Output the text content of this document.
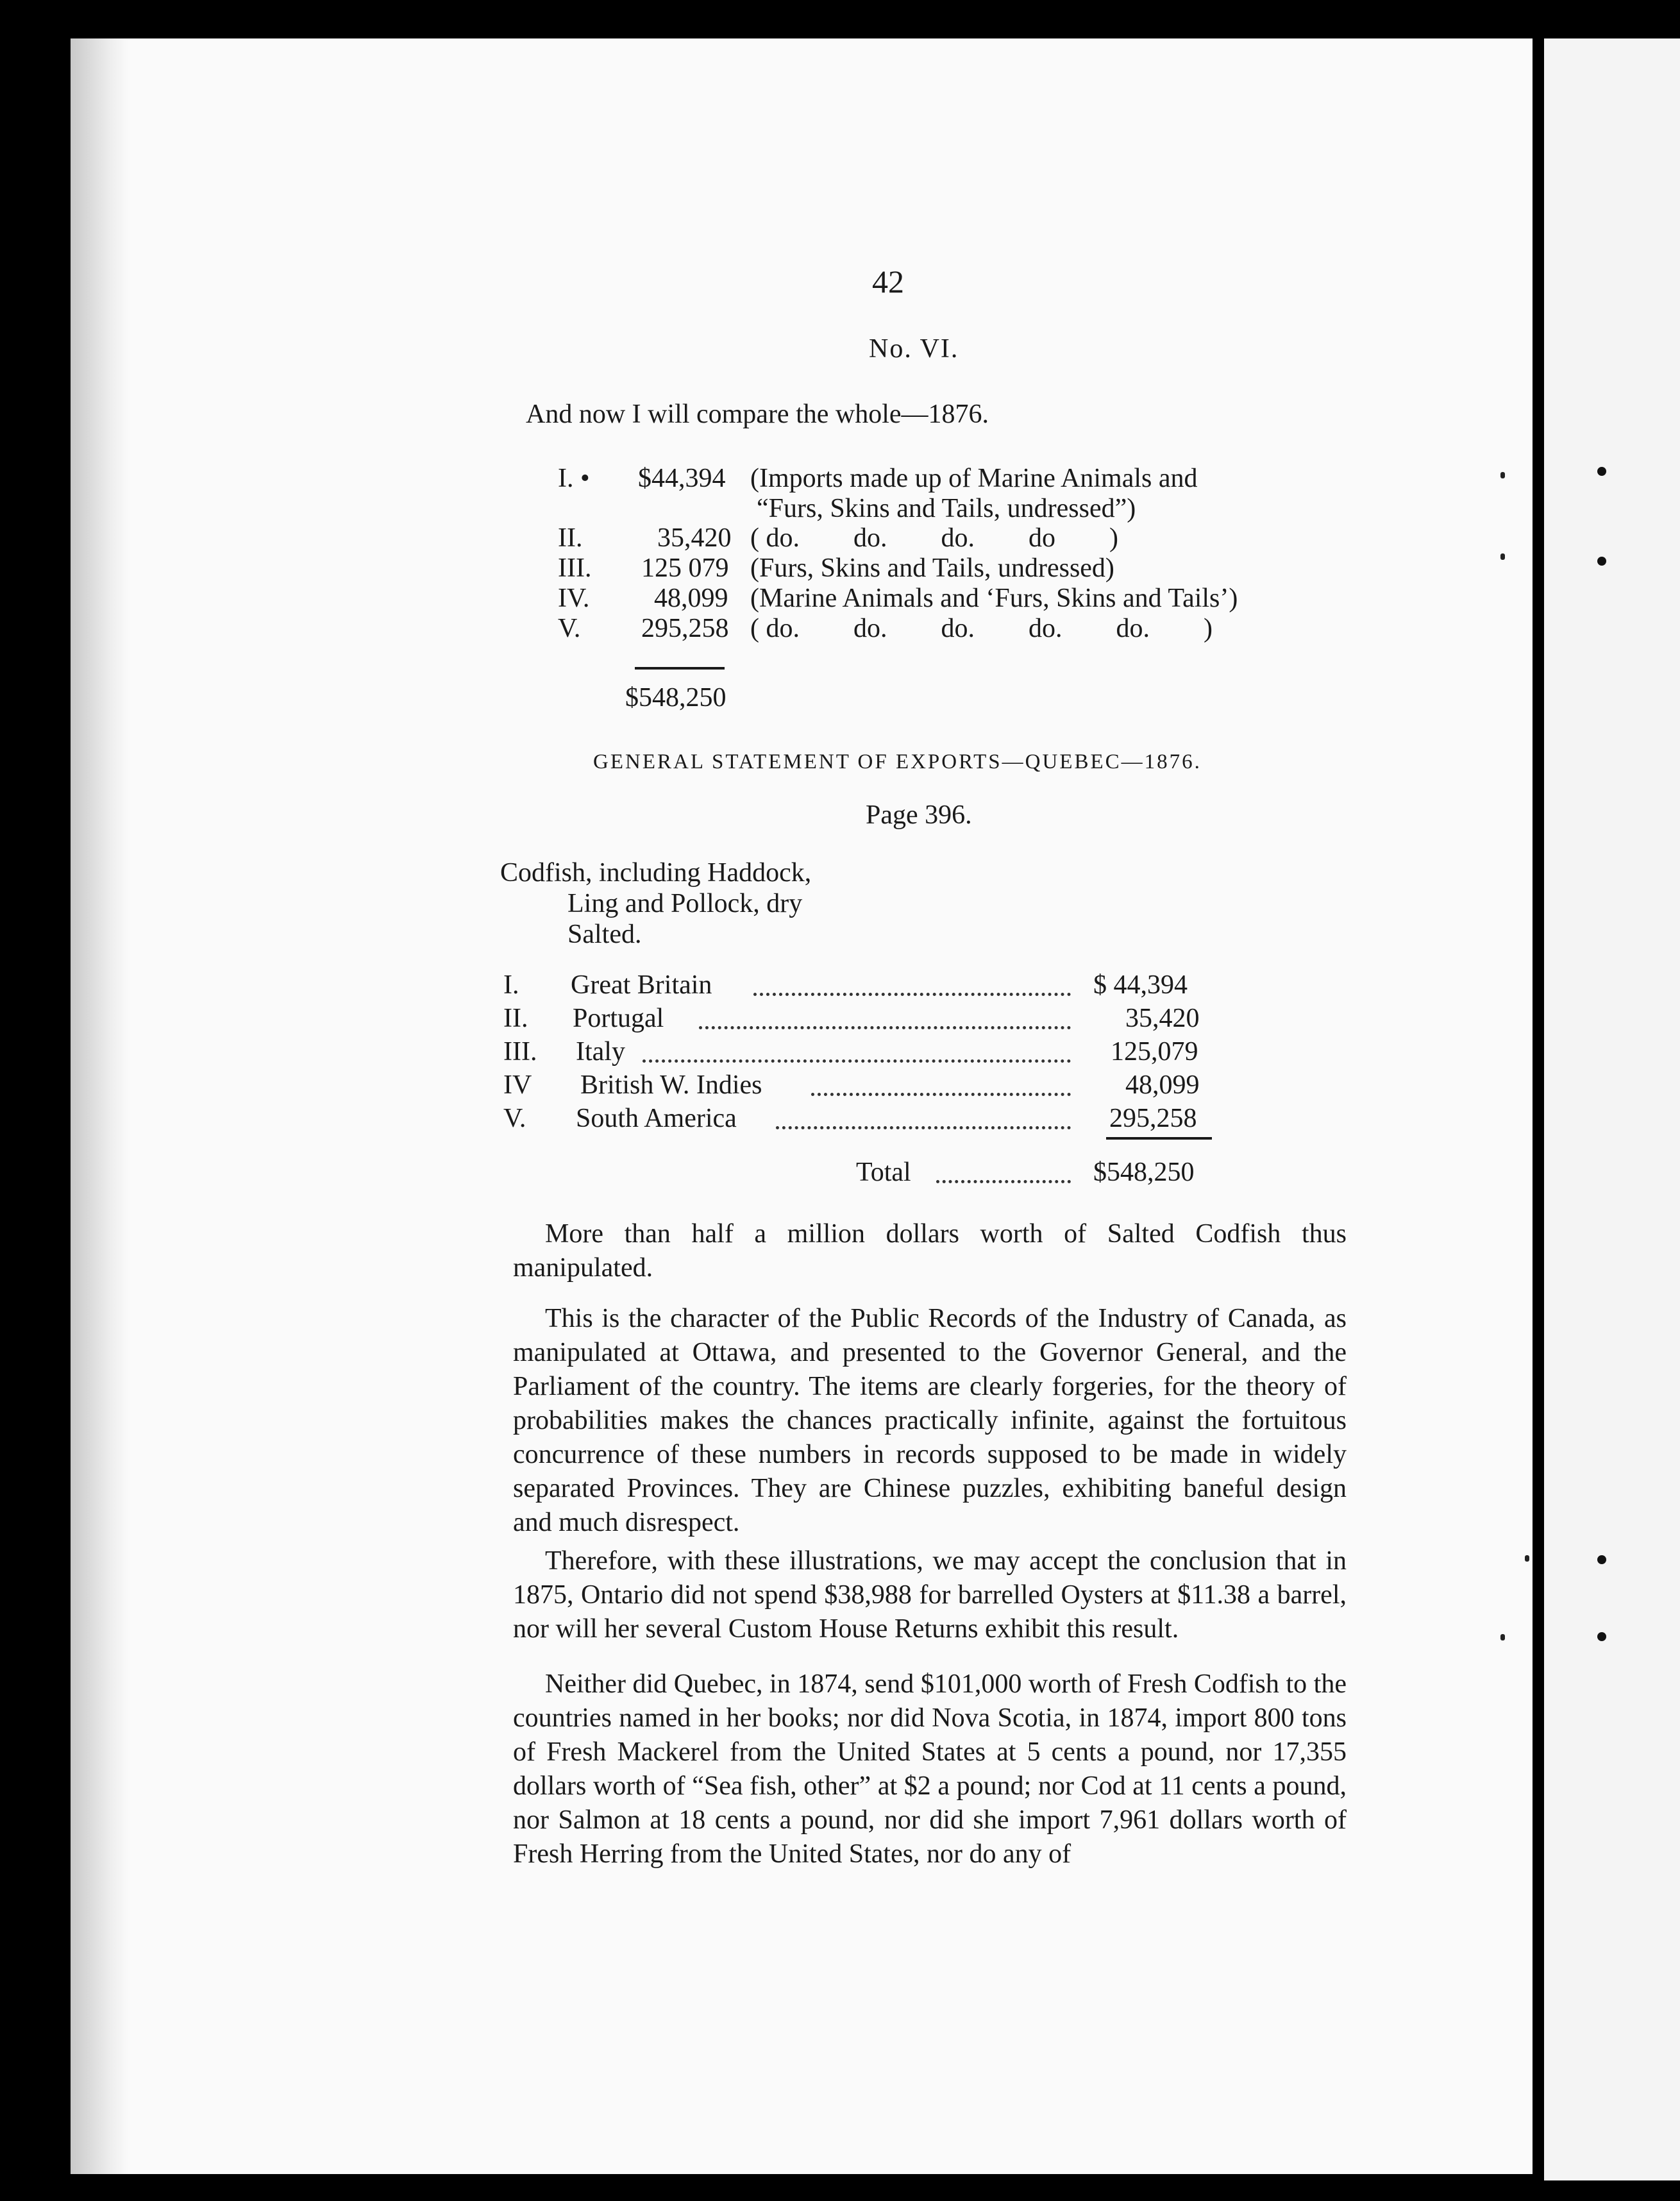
42
No. VI.
And now I will compare the whole—1876.
I. • $44,394 (Imports made up of Marine Animals and
“Furs, Skins and Tails, undressed”)
II.	35,420 ( do.        do.        do.        do        )
III. 125 079 (Furs, Skins and Tails, undressed)
IV. 48,099 (Marine Animals and ‘Furs, Skins and Tails’)
V. 295,258 ( do.        do.        do.        do.        do.        )
$548,250
GENERAL STATEMENT OF EXPORTS—QUEBEC—1876.
Page 396.
Codfish, including Haddock,
Ling and Pollock, dry
Salted.
I. Great Britain	$ 44,394
II. Portugal	35,420
III. Italy	125,079
IV British W. Indies	48,099
V. South America	295,258
Total	$548,250
More than half a million dollars worth of Salted Codfish thus manipulated.
This is the character of the Public Records of the Industry of Canada, as manipulated at Ottawa, and presented to the Governor General, and the Parliament of the country. The items are clearly forgeries, for the theory of probabilities makes the chances practically infinite, against the fortuitous concurrence of these numbers in records supposed to be made in widely separated Provinces. They are Chinese puzzles, exhibiting baneful design and much disrespect.
Therefore, with these illustrations, we may accept the conclusion that in 1875, Ontario did not spend $38,988 for barrelled Oysters at $11.38 a barrel, nor will her several Custom House Returns exhibit this result.
Neither did Quebec, in 1874, send $101,000 worth of Fresh Codfish to the countries named in her books; nor did Nova Scotia, in 1874, import 800 tons of Fresh Mackerel from the United States at 5 cents a pound, nor 17,355 dollars worth of “Sea fish, other” at $2 a pound; nor Cod at 11 cents a pound, nor Salmon at 18 cents a pound, nor did she import 7,961 dollars worth of Fresh Herring from the United States, nor do any of
